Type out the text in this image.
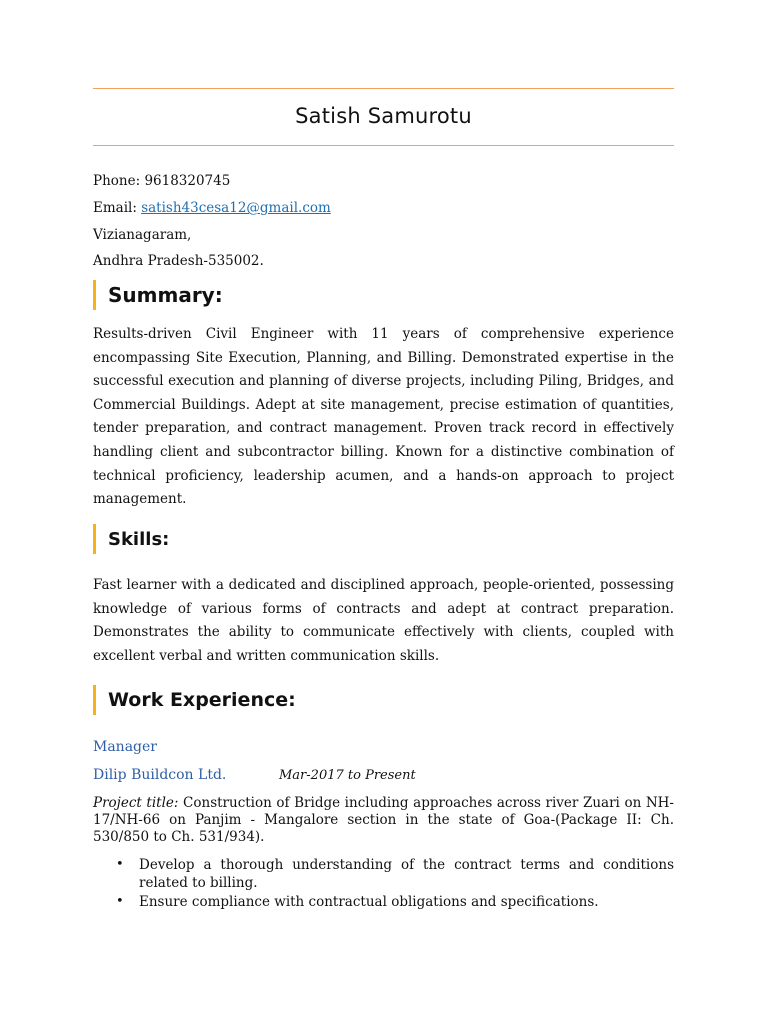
Satish Samurotu
Phone: 9618320745
Email: satish43cesa12@gmail.com
Vizianagaram,
Andhra Pradesh-535002.
Summary:
Results-driven Civil Engineer with 11 years of comprehensive experience encompassing Site Execution, Planning, and Billing. Demonstrated expertise in the successful execution and planning of diverse projects, including Piling, Bridges, and Commercial Buildings. Adept at site management, precise estimation of quantities, tender preparation, and contract management. Proven track record in effectively handling client and subcontractor billing. Known for a distinctive combination of technical proficiency, leadership acumen, and a hands-on approach to project management.
Skills:
Fast learner with a dedicated and disciplined approach, people-oriented, possessing knowledge of various forms of contracts and adept at contract preparation. Demonstrates the ability to communicate effectively with clients, coupled with excellent verbal and written communication skills.
Work Experience:
Manager
Dilip Buildcon Ltd.	Mar-2017 to Present
Project title: Construction of Bridge including approaches across river Zuari on NH-17/NH-66 on Panjim - Mangalore section in the state of Goa-(Package II: Ch. 530/850 to Ch. 531/934).
• Develop a thorough understanding of the contract terms and conditions related to billing.
• Ensure compliance with contractual obligations and specifications.
